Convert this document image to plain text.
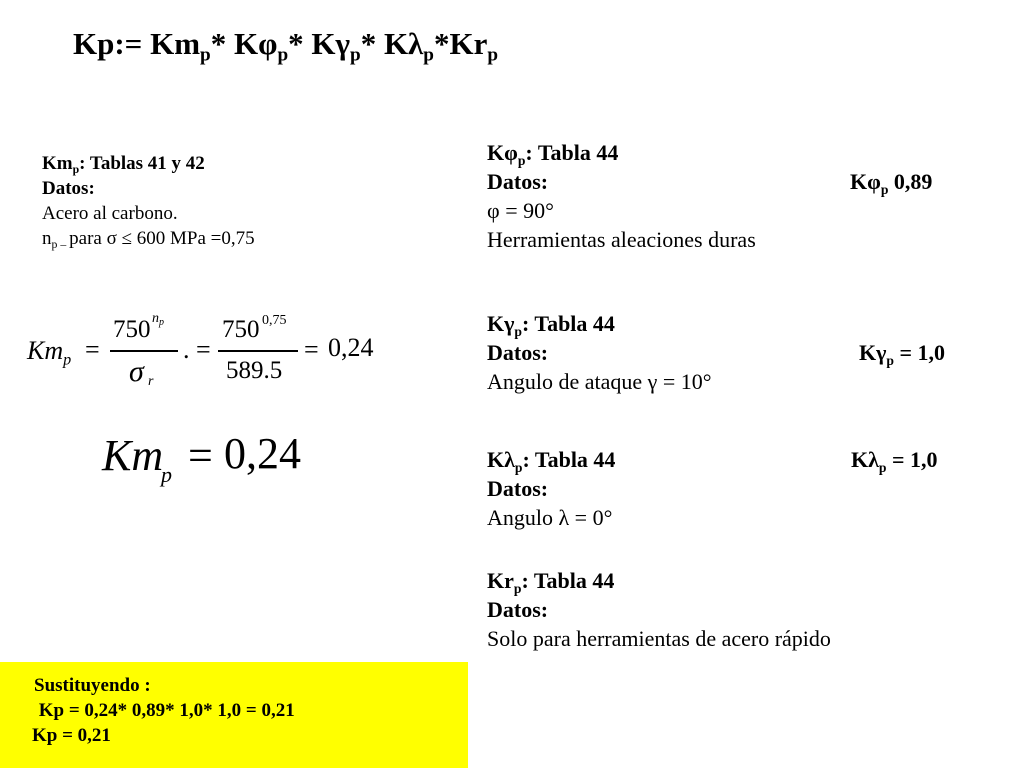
Kp:= $Km_p*$ $K\varphi_p*$ $K\gamma_p*$ $K\lambda_p*Kr_p$
$Km_p$: Tablas 41 y 42
Datos:
Acero al carbono.
$n_{p -}$ para σ ≤ 600 MPa =0,75
$Km_p$ =
750 $n_p$
σ r
. =
750 0,75
589.5
= 0,24
Km
p = 0,24
$K\varphi_p$: Tabla 44
Datos:	$K\varphi_p$ 0,89
φ = 90°
Herramientas aleaciones duras
$K\gamma_p$: Tabla 44
Datos:	$K\gamma_p = 1,0$
Angulo de ataque γ = 10°
$K\lambda_p$: Tabla 44	$K\lambda_p = 1,0$
Datos:
Angulo λ = 0°
$Kr_p$: Tabla 44
Datos:
Solo para herramientas de acero rápido
Sustituyendo :
Kp = 0,24* 0,89* 1,0* 1,0 = 0,21
Kp = 0,21
